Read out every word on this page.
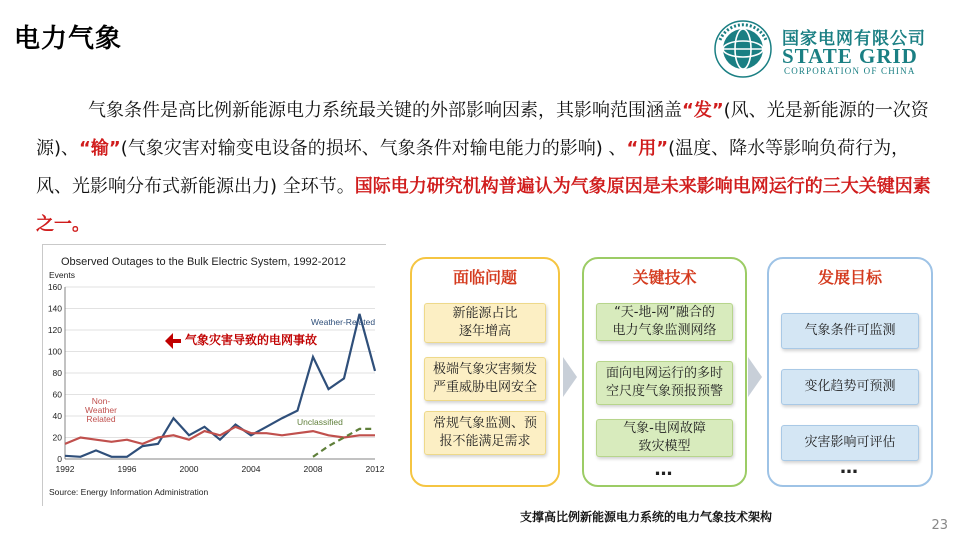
电力气象	国家电网有限公司
STATE GRID
CORPORATION OF CHINA
气象条件是高比例新能源电力系统最关键的外部影响因素，其影响范围涵盖“发”(风、光是新能源的一次资源)、“输”(气象灾害对输变电设备的损坏、气象条件对输电能力的影响) 、“用”(温度、降水等影响负荷行为，风、光影响分布式新能源出力) 全环节。国际电力研究机构普遍认为气象原因是未来影响电网运行的三大关键因素之一。
Observed Outages to the Bulk Electric System, 1992-2012
Events
0
20
40
60
80
100
120
140
160
1992	1996	2000	2004	2008	2012
Weather-Related
Non-
Weather
Related	Unclassified
气象灾害导致的电网事故
Source: Energy Information Administration
面临问题
新能源占比
逐年增高
极端气象灾害频发
严重威胁电网安全
常规气象监测、预
报不能满足需求
关键技术
“天-地-网”融合的
电力气象监测网络
面向电网运行的多时
空尺度气象预报预警
气象-电网故障
致灾模型
…
发展目标
气象条件可监测
变化趋势可预测
灾害影响可评估
…
支撑高比例新能源电力系统的电力气象技术架构
23
